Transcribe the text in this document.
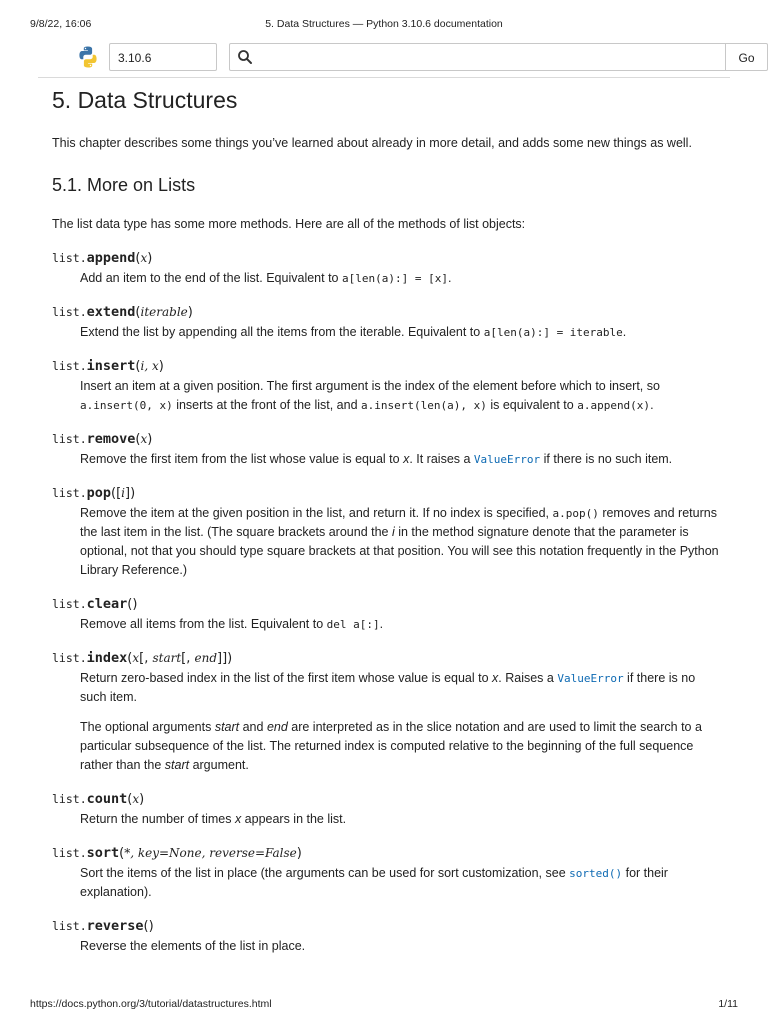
9/8/22, 16:06	5. Data Structures — Python 3.10.6 documentation
3.10.6	Go
5. Data Structures

This chapter describes some things you’ve learned about already in more detail, and adds some new things as well.

5.1. More on Lists

The list data type has some more methods. Here are all of the methods of list objects:

list.append(x)
Add an item to the end of the list. Equivalent to a[len(a):] = [x].
list.extend(iterable)
Extend the list by appending all the items from the iterable. Equivalent to a[len(a):] = iterable.
list.insert(i, x)
Insert an item at a given position. The first argument is the index of the element before which to insert, so a.insert(0, x) inserts at the front of the list, and a.insert(len(a), x) is equivalent to a.append(x).
list.remove(x)
Remove the first item from the list whose value is equal to x. It raises a ValueError if there is no such item.
list.pop([i])
Remove the item at the given position in the list, and return it. If no index is specified, a.pop() removes and returns the last item in the list. (The square brackets around the i in the method signature denote that the parameter is optional, not that you should type square brackets at that position. You will see this notation frequently in the Python Library Reference.)
list.clear()
Remove all items from the list. Equivalent to del a[:].
list.index(x[, start[, end]])

Return zero-based index in the list of the first item whose value is equal to x. Raises a ValueError if there is no such item.

The optional arguments start and end are interpreted as in the slice notation and are used to limit the search to a particular subsequence of the list. The returned index is computed relative to the beginning of the full sequence rather than the start argument.

list.count(x)
Return the number of times x appears in the list.
list.sort(*, key=None, reverse=False)
Sort the items of the list in place (the arguments can be used for sort customization, see sorted() for their explanation).
list.reverse()
Reverse the elements of the list in place.
https://docs.python.org/3/tutorial/datastructures.html	1/11
